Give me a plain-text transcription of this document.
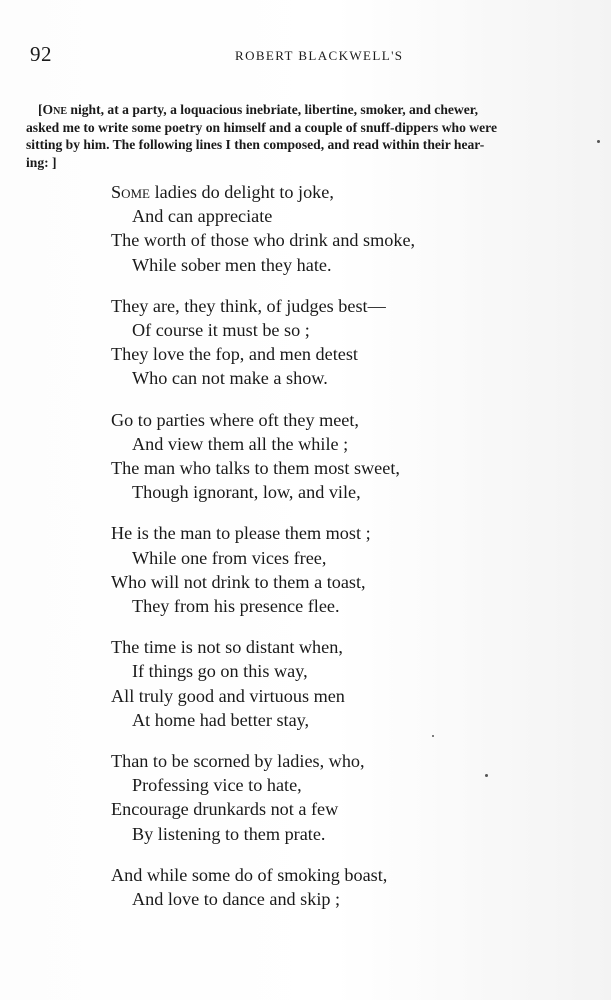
92	ROBERT BLACKWELL'S
[One night, at a party, a loquacious inebriate, libertine, smoker, and chewer,
asked me to write some poetry on himself and a couple of snuff-dippers who were
sitting by him. The following lines I then composed, and read within their hear-
ing: ]
Some ladies do delight to joke,
And can appreciate
The worth of those who drink and smoke,
While sober men they hate.
They are, they think, of judges best—
Of course it must be so ;
They love the fop, and men detest
Who can not make a show.
Go to parties where oft they meet,
And view them all the while ;
The man who talks to them most sweet,
Though ignorant, low, and vile,
He is the man to please them most ;
While one from vices free,
Who will not drink to them a toast,
They from his presence flee.
The time is not so distant when,
If things go on this way,
All truly good and virtuous men
At home had better stay,
Than to be scorned by ladies, who,
Professing vice to hate,
Encourage drunkards not a few
By listening to them prate.
And while some do of smoking boast,
And love to dance and skip ;
